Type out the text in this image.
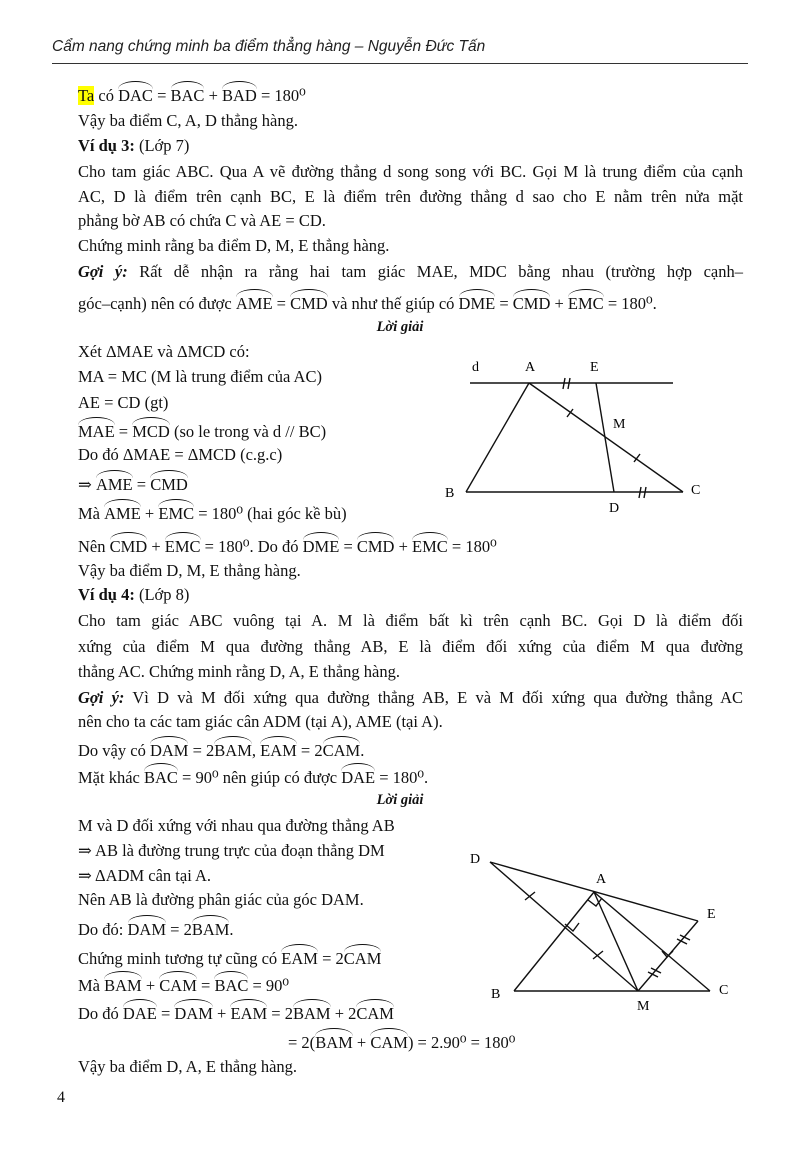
Cẩm nang chứng minh ba điểm thẳng hàng – Nguyễn Đức Tấn
Ta có DAC = BAC + BAD = 180⁰
Vậy ba điểm C, A, D thẳng hàng.
Ví dụ 3: (Lớp 7)
Cho tam giác ABC. Qua A vẽ đường thẳng d song song với BC. Gọi M là trung điểm của cạnh
AC, D là điểm trên cạnh BC, E là điểm trên đường thẳng d sao cho E nằm trên nửa mặt
phẳng bờ AB có chứa C và AE = CD.
Chứng minh rằng ba điểm D, M, E thẳng hàng.
Gợi ý: Rất dễ nhận ra rằng hai tam giác MAE, MDC bằng nhau (trường hợp cạnh–
góc–cạnh) nên có được AME = CMD và như thế giúp có DME = CMD + EMC = 180⁰.
Lời giải
Xét ΔMAE và ΔMCD có:
MA = MC (M là trung điểm của AC)
AE = CD (gt)
MAE = MCD (so le trong và d // BC)
Do đó ΔMAE = ΔMCD (c.g.c)
⇒ AME = CMD
Mà AME + EMC = 180⁰ (hai góc kề bù)
Nên CMD + EMC = 180⁰. Do đó DME = CMD + EMC = 180⁰
Vậy ba điểm D, M, E thẳng hàng.
Ví dụ 4: (Lớp 8)
Cho tam giác ABC vuông tại A. M là điểm bất kì trên cạnh BC. Gọi D là điểm đối
xứng của điểm M qua đường thẳng AB, E là điểm đối xứng của điểm M qua đường
thẳng AC. Chứng minh rằng D, A, E thẳng hàng.
Gợi ý: Vì D và M đối xứng qua đường thẳng AB, E và M đối xứng qua đường thẳng AC
nên cho ta các tam giác cân ADM (tại A), AME (tại A).
Do vậy có DAM = 2BAM, EAM = 2CAM.
Mặt khác BAC = 90⁰ nên giúp có được DAE = 180⁰.
Lời giải
M và D đối xứng với nhau qua đường thẳng AB
⇒ AB là đường trung trực của đoạn thẳng DM
⇒ ΔADM cân tại A.
Nên AB là đường phân giác của góc DAM.
Do đó: DAM = 2BAM.
Chứng minh tương tự cũng có EAM = 2CAM
Mà BAM + CAM = BAC = 90⁰
Do đó DAE = DAM + EAM = 2BAM + 2CAM
= 2(BAM + CAM) = 2.90⁰ = 180⁰
Vậy ba điểm D, A, E thẳng hàng.
4
d	A	E
M
B	C
D
D
A
E
B
M
C
